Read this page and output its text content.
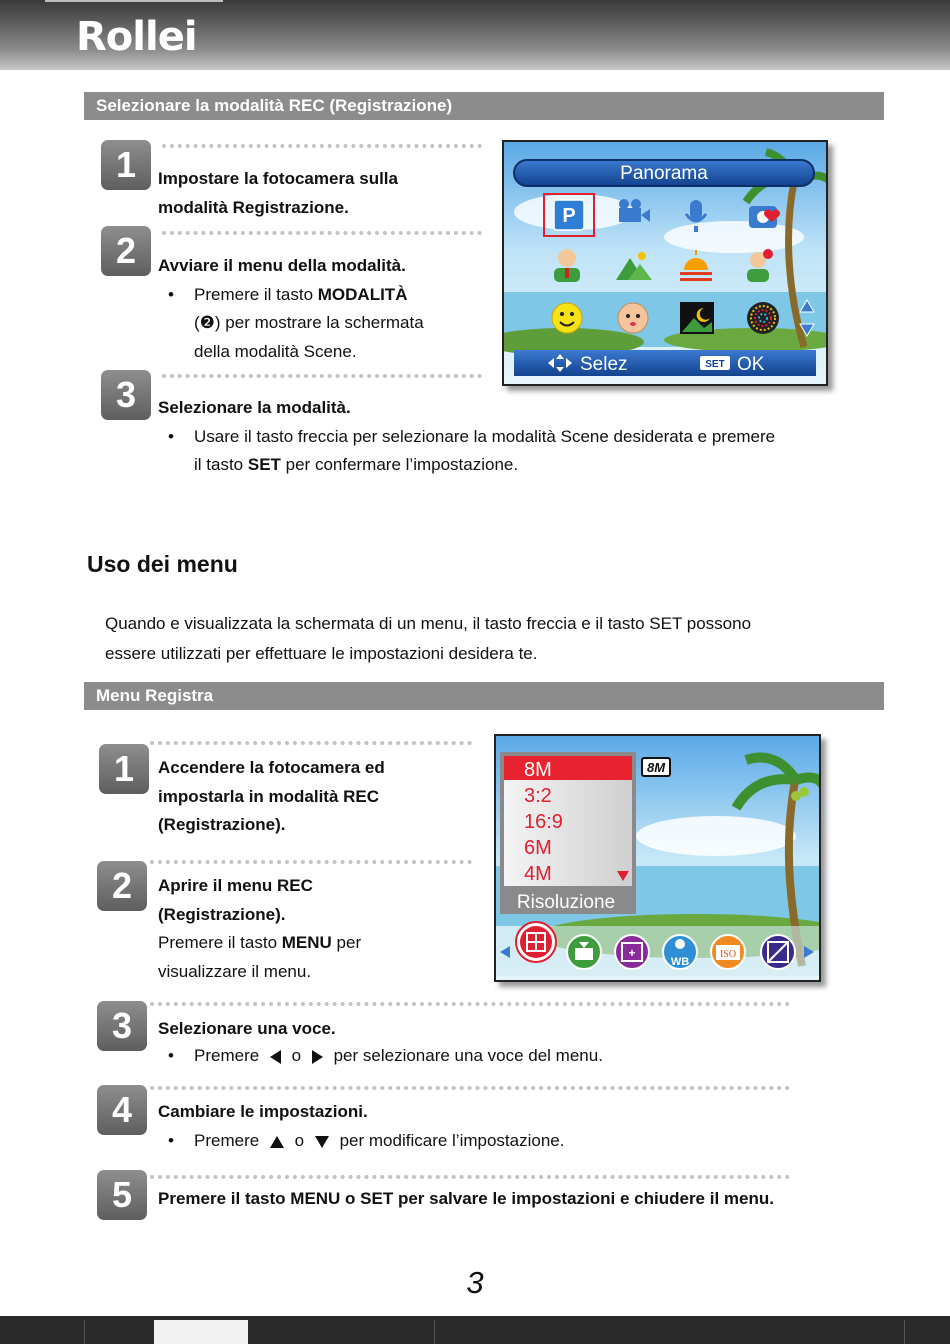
Rollei
Selezionare la modalità REC (Registrazione)
1	Impostare la fotocamera sulla
modalità Registrazione.
2	Avviare il menu della modalità.
• Premere il tasto MODALITÀ
(❷) per mostrare la schermata
della modalità Scene.
3	Selezionare la modalità.
• Usare il tasto freccia per selezionare la modalità Scene desiderata e premere
il tasto SET per confermare l’impostazione.
Panorama
P
Selez	SET OK
Uso dei menu
Quando e visualizzata la schermata di un menu, il tasto freccia e il tasto SET possono
essere utilizzati per effettuare le impostazioni desidera te.
Menu Registra
1	Accendere la fotocamera ed
impostarla in modalità REC
(Registrazione).
2	Aprire il menu REC
(Registrazione).
Premere il tasto MENU per
visualizzare il menu.
3	Selezionare una voce.
• Premere o per selezionare una voce del menu.
4	Cambiare le impostazioni.
• Premere o per modificare l’impostazione.
5	Premere il tasto MENU o SET per salvare le impostazioni e chiudere il menu.
8M
3:2
16:9
6M
4M
Risoluzione
8M
+
WB
ISO
3
